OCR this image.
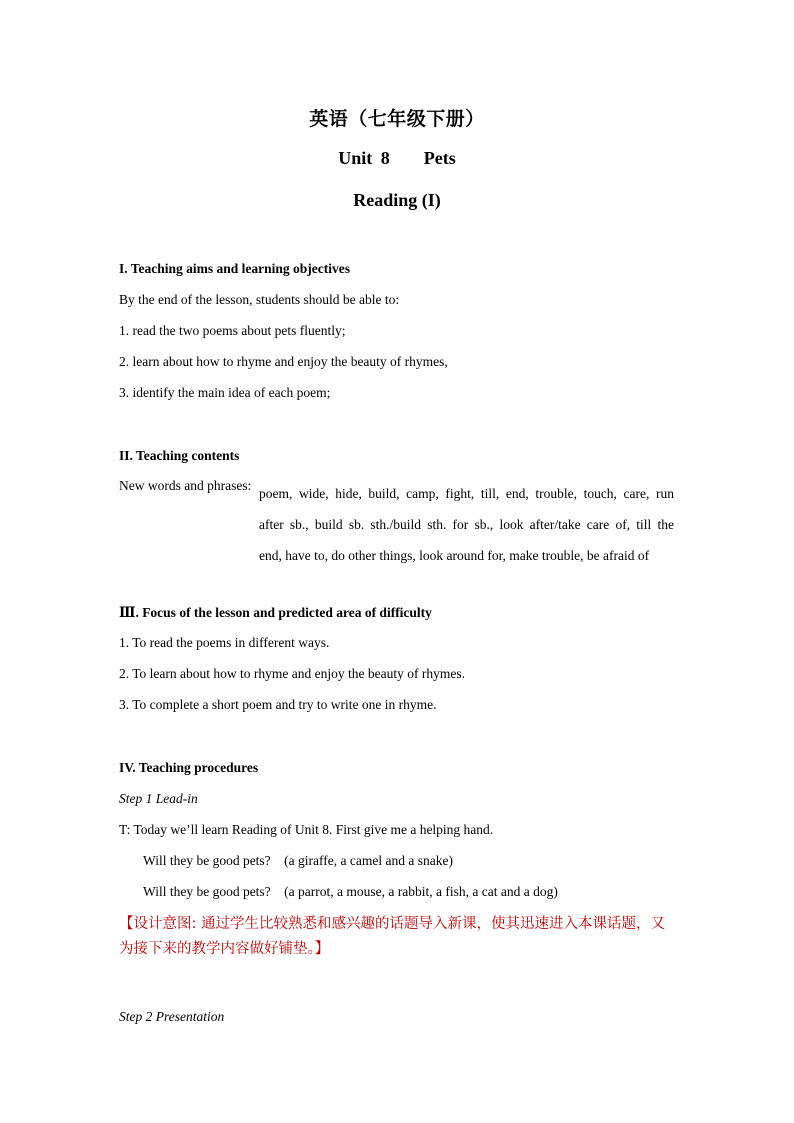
英语（七年级下册）
Unit 8    Pets
Reading (I)
I. Teaching aims and learning objectives
By the end of the lesson, students should be able to:
1. read the two poems about pets fluently;
2. learn about how to rhyme and enjoy the beauty of rhymes,
3. identify the main idea of each poem;
II. Teaching contents
New words and phrases:
poem, wide, hide, build, camp, fight, till, end, trouble, touch, care, run
after sb., build sb. sth./build sth. for sb., look after/take care of, till the
end, have to, do other things, look around for, make trouble, be afraid of
Ⅲ. Focus of the lesson and predicted area of difficulty
1. To read the poems in different ways.
2. To learn about how to rhyme and enjoy the beauty of rhymes.
3. To complete a short poem and try to write one in rhyme.
IV. Teaching procedures
Step 1 Lead-in
T: Today we’ll learn Reading of Unit 8. First give me a helping hand.
Will they be good pets?    (a giraffe, a camel and a snake)
Will they be good pets?    (a parrot, a mouse, a rabbit, a fish, a cat and a dog)
【设计意图: 通过学生比较熟悉和感兴趣的话题导入新课，使其迅速进入本课话题，又为接下来的教学内容做好铺垫。】
Step 2 Presentation
